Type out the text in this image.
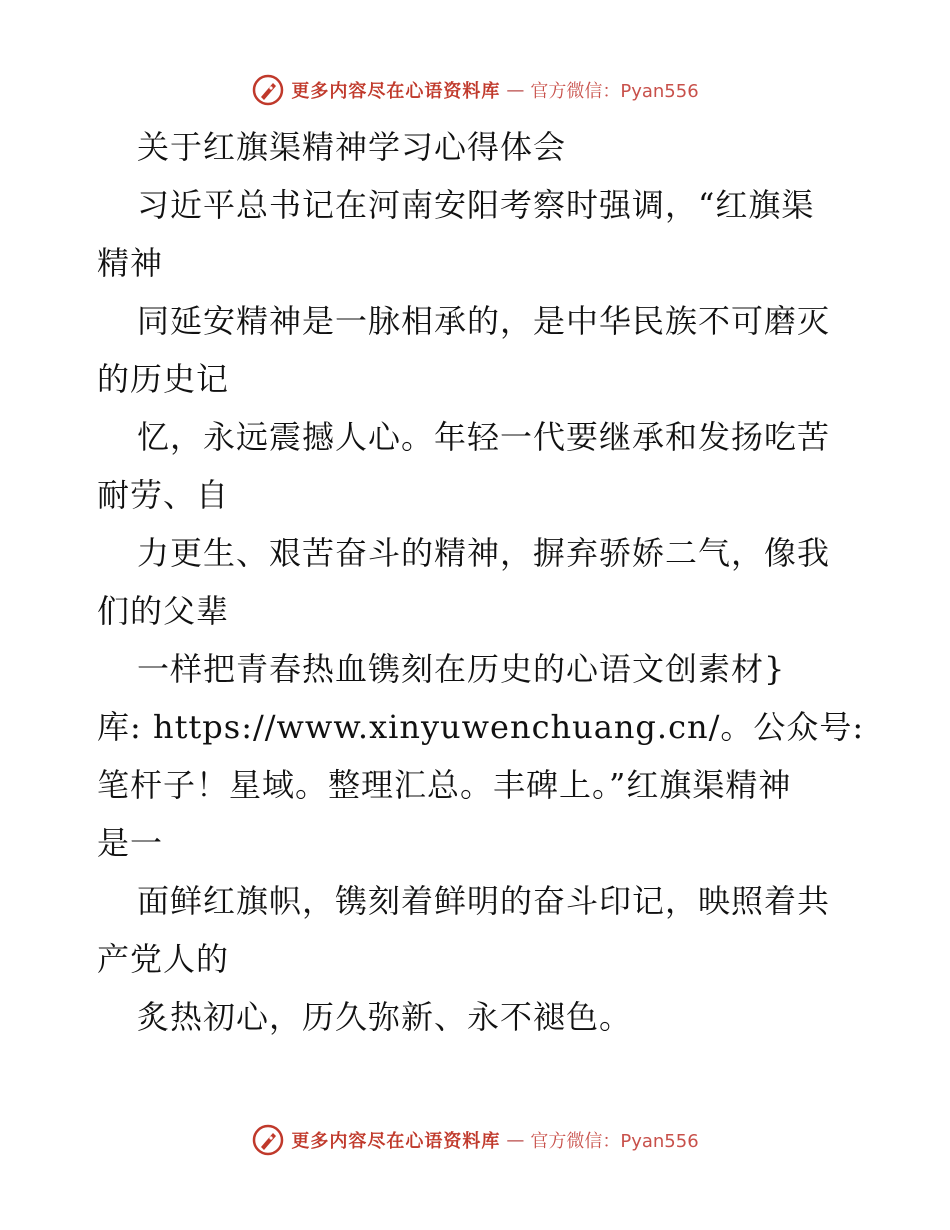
更多内容尽在心语资料库 — 官方微信：Pyan556
关于红旗渠精神学习心得体会
习近平总书记在河南安阳考察时强调，“红旗渠
精神
同延安精神是一脉相承的，是中华民族不可磨灭
的历史记
忆，永远震撼人心。年轻一代要继承和发扬吃苦
耐劳、自
力更生、艰苦奋斗的精神，摒弃骄娇二气，像我
们的父辈
一样把青春热血镌刻在历史的心语文创素材}
库: https://www.xinyuwenchuang.cn/。公众号:
笔杆子！星域。整理汇总。丰碑上。”红旗渠精神
是一
面鲜红旗帜，镌刻着鲜明的奋斗印记，映照着共
产党人的
炙热初心，历久弥新、永不褪色。
更多内容尽在心语资料库 — 官方微信：Pyan556
